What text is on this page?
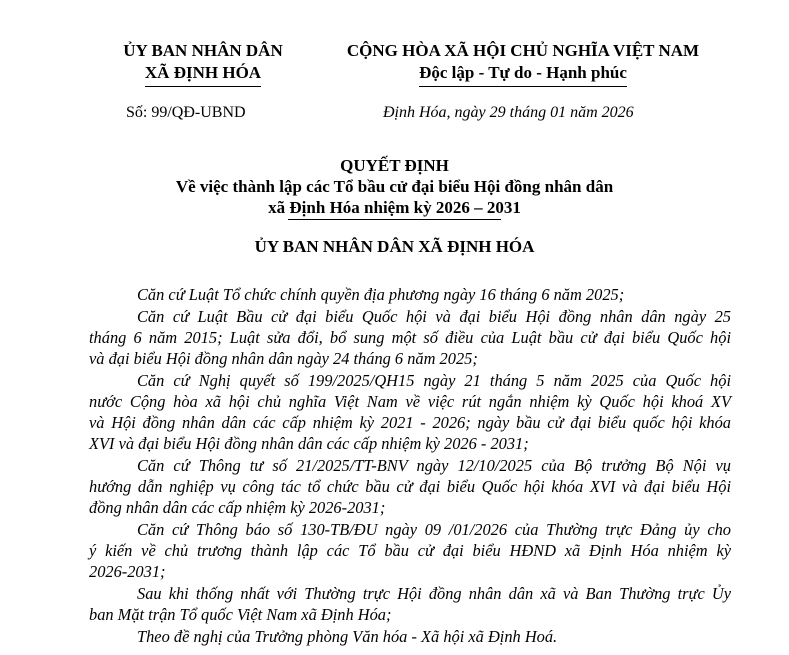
ỦY BAN NHÂN DÂN
XÃ ĐỊNH HÓA
CỘNG HÒA XÃ HỘI CHỦ NGHĨA VIỆT NAM
Độc lập - Tự do - Hạnh phúc
Số: 99/QĐ-UBND	Định Hóa, ngày 29 tháng 01 năm 2026
QUYẾT ĐỊNH
Về việc thành lập các Tổ bầu cử đại biểu Hội đồng nhân dân
xã Định Hóa nhiệm kỳ 2026 – 2031
ỦY BAN NHÂN DÂN XÃ ĐỊNH HÓA

Căn cứ Luật Tổ chức chính quyền địa phương ngày 16 tháng 6 năm 2025;

Căn cứ Luật Bầu cử đại biểu Quốc hội và đại biểu Hội đồng nhân dân ngày 25
tháng 6 năm 2015; Luật sửa đổi, bổ sung một số điều của Luật bầu cử đại biểu Quốc hội
và đại biểu Hội đồng nhân dân ngày 24 tháng 6 năm 2025;

Căn cứ Nghị quyết số 199/2025/QH15 ngày 21 tháng 5 năm 2025 của Quốc hội
nước Cộng hòa xã hội chủ nghĩa Việt Nam về việc rút ngắn nhiệm kỳ Quốc hội khoá XV
và Hội đồng nhân dân các cấp nhiệm kỳ 2021 - 2026; ngày bầu cử đại biểu quốc hội khóa
XVI và đại biểu Hội đồng nhân dân các cấp nhiệm kỳ 2026 - 2031;

Căn cứ Thông tư số 21/2025/TT-BNV ngày 12/10/2025 của Bộ trưởng Bộ Nội vụ
hướng dẫn nghiệp vụ công tác tổ chức bầu cử đại biểu Quốc hội khóa XVI và đại biểu Hội
đồng nhân dân các cấp nhiệm kỳ 2026-2031;

Căn cứ Thông báo số 130-TB/ĐU ngày 09 /01/2026 của Thường trực Đảng ủy cho
ý kiến về chủ trương thành lập các Tổ bầu cử đại biểu HĐND xã Định Hóa nhiệm kỳ
2026-2031;

Sau khi thống nhất với Thường trực Hội đồng nhân dân xã và Ban Thường trực Ủy
ban Mặt trận Tổ quốc Việt Nam xã Định Hóa;

Theo đề nghị của Trưởng phòng Văn hóa - Xã hội xã Định Hoá.
